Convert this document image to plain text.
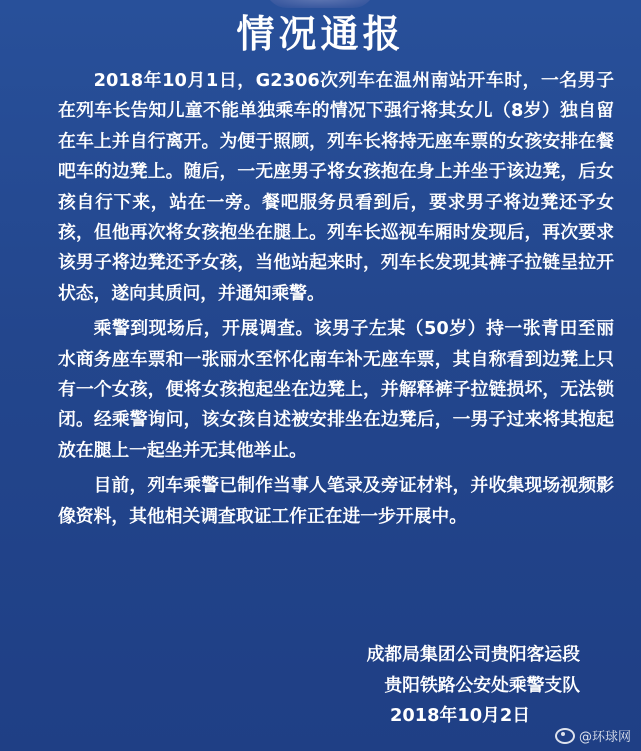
情况通报

2018年10月1日，G2306次列车在温州南站开车时，一名男子在列车长告知儿童不能单独乘车的情况下强行将其女儿（8岁）独自留在车上并自行离开。为便于照顾，列车长将持无座车票的女孩安排在餐吧车的边凳上。随后，一无座男子将女孩抱在身上并坐于该边凳，后女孩自行下来，站在一旁。餐吧服务员看到后，要求男子将边凳还予女孩，但他再次将女孩抱坐在腿上。列车长巡视车厢时发现后，再次要求该男子将边凳还予女孩，当他站起来时，列车长发现其裤子拉链呈拉开状态，遂向其质问，并通知乘警。

乘警到现场后，开展调查。该男子左某（50岁）持一张青田至丽水商务座车票和一张丽水至怀化南车补无座车票，其自称看到边凳上只有一个女孩，便将女孩抱起坐在边凳上，并解释裤子拉链损坏，无法锁闭。经乘警询问，该女孩自述被安排坐在边凳后，一男子过来将其抱起放在腿上一起坐并无其他举止。

目前，列车乘警已制作当事人笔录及旁证材料，并收集现场视频影像资料，其他相关调查取证工作正在进一步开展中。

成都局集团公司贵阳客运段
贵阳铁路公安处乘警支队
2018年10月2日
@环球网
